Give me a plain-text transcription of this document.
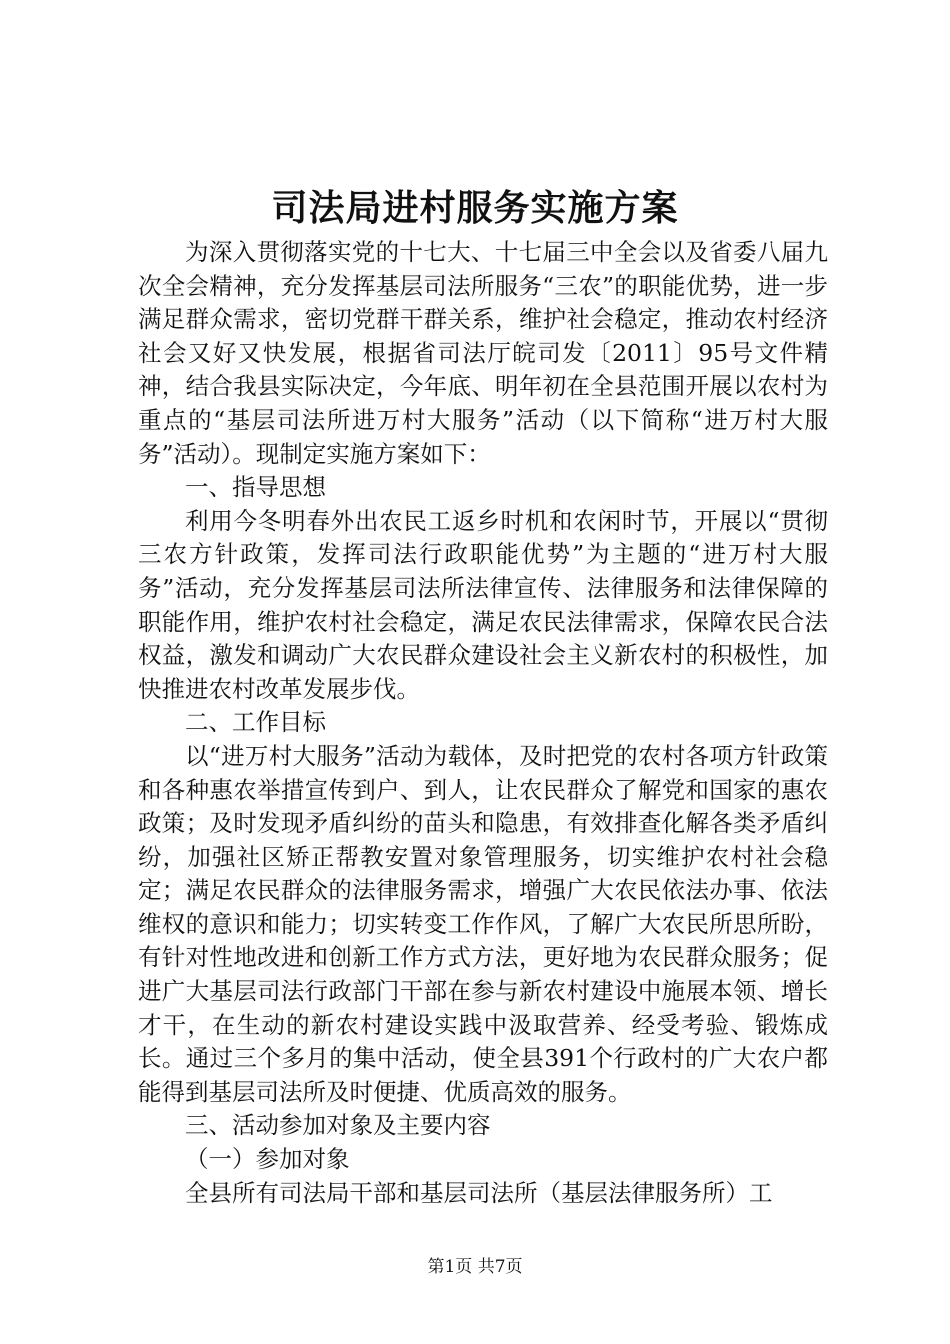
司法局进村服务实施方案
为深入贯彻落实党的十七大、十七届三中全会以及省委八届九次全会精神，充分发挥基层司法所服务“三农”的职能优势，进一步满足群众需求，密切党群干群关系，维护社会稳定，推动农村经济社会又好又快发展，根据省司法厅皖司发〔2011〕95号文件精神，结合我县实际决定，今年底、明年初在全县范围开展以农村为重点的“基层司法所进万村大服务”活动（以下简称“进万村大服务”活动）。现制定实施方案如下：
一、指导思想
利用今冬明春外出农民工返乡时机和农闲时节，开展以“贯彻三农方针政策，发挥司法行政职能优势”为主题的“进万村大服务”活动，充分发挥基层司法所法律宣传、法律服务和法律保障的职能作用，维护农村社会稳定，满足农民法律需求，保障农民合法权益，激发和调动广大农民群众建设社会主义新农村的积极性，加快推进农村改革发展步伐。
二、工作目标
以“进万村大服务”活动为载体，及时把党的农村各项方针政策和各种惠农举措宣传到户、到人，让农民群众了解党和国家的惠农政策；及时发现矛盾纠纷的苗头和隐患，有效排查化解各类矛盾纠纷，加强社区矫正帮教安置对象管理服务，切实维护农村社会稳定；满足农民群众的法律服务需求，增强广大农民依法办事、依法维权的意识和能力；切实转变工作作风，了解广大农民所思所盼，有针对性地改进和创新工作方式方法，更好地为农民群众服务；促进广大基层司法行政部门干部在参与新农村建设中施展本领、增长才干，在生动的新农村建设实践中汲取营养、经受考验、锻炼成长。通过三个多月的集中活动，使全县391个行政村的广大农户都能得到基层司法所及时便捷、优质高效的服务。
三、活动参加对象及主要内容
（一）参加对象
全县所有司法局干部和基层司法所（基层法律服务所）工
第1页 共7页
